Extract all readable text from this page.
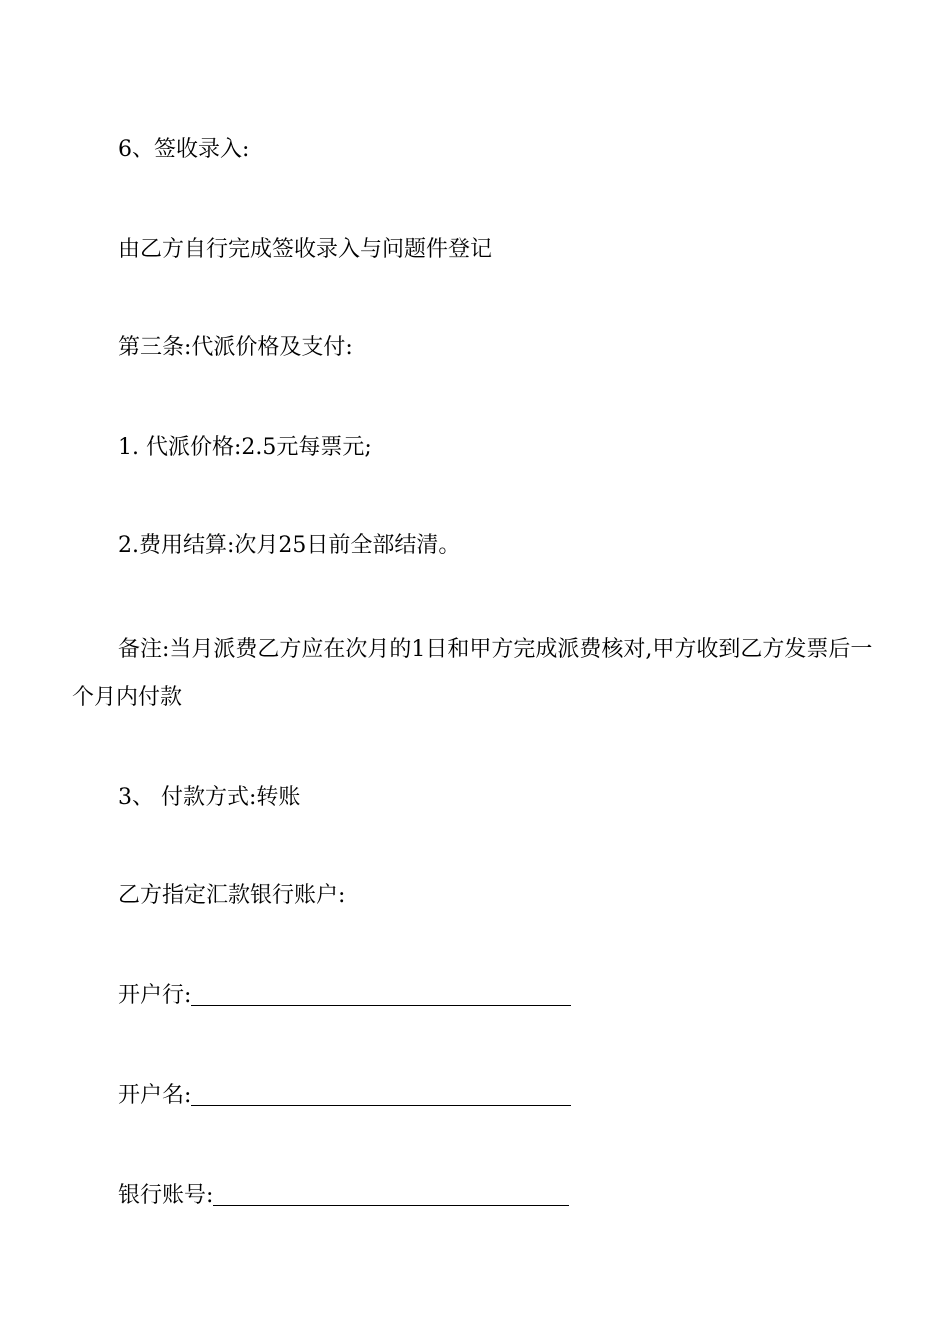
6、签收录入:
由乙方自行完成签收录入与问题件登记
第三条:代派价格及支付:
1. 代派价格:2.5元每票元;
2.费用结算:次月25日前全部结清。
备注:当月派费乙方应在次月的1日和甲方完成派费核对,甲方收到乙方发票后一个月内付款
3、 付款方式:转账
乙方指定汇款银行账户:
开户行:
开户名:
银行账号:
